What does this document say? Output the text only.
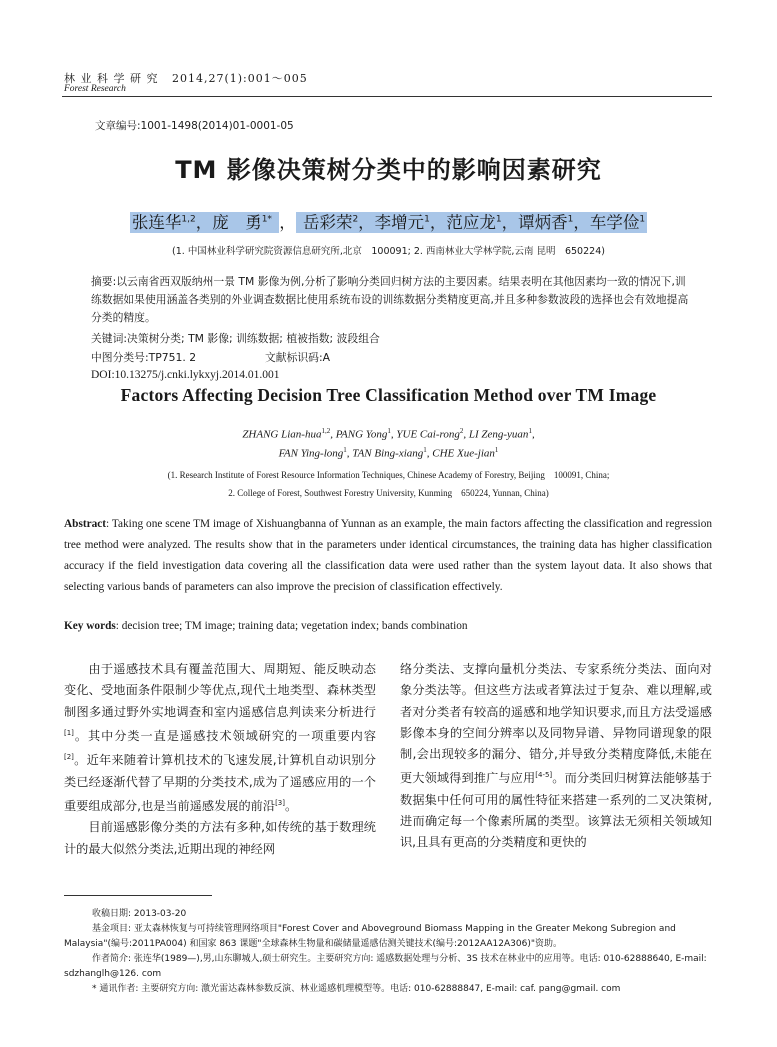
林 业 科 学 研 究 2014,27(1):001～005
Forest Research
文章编号:1001-1498(2014)01-0001-05
TM 影像决策树分类中的影响因素研究
张连华$^{1,2}$，庞　勇$^{1*}$ ， 岳彩荣$^2$，李增元$^1$，范应龙$^1$，谭炳香$^1$，车学俭$^1$
(1. 中国林业科学研究院资源信息研究所,北京　100091; 2. 西南林业大学林学院,云南 昆明　650224)
摘要:以云南省西双版纳州一景 TM 影像为例,分析了影响分类回归树方法的主要因素。结果表明在其他因素均一致的情况下,训练数据如果使用涵盖各类别的外业调查数据比使用系统布设的训练数据分类精度更高,并且多种参数波段的选择也会有效地提高分类的精度。
关键词:决策树分类; TM 影像; 训练数据; 植被指数; 波段组合
中图分类号:TP751. 2	文献标识码:A
DOI:10.13275/j.cnki.lykxyj.2014.01.001
Factors Affecting Decision Tree Classification Method over TM Image
ZHANG Lian-hua$^{1,2}$, PANG Yong$^1$, YUE Cai-rong$^2$, LI Zeng-yuan$^1$,
FAN Ying-long$^1$, TAN Bing-xiang$^1$, CHE Xue-jian$^1$
(1. Research Institute of Forest Resource Information Techniques, Chinese Academy of Forestry, Beijing　100091, China;
2. College of Forest, Southwest Forestry University, Kunming　650224, Yunnan, China)
Abstract: Taking one scene TM image of Xishuangbanna of Yunnan as an example, the main factors affecting the classification and regression tree method were analyzed. The results show that in the parameters under identical circumstances, the training data has higher classification accuracy if the field investigation data covering all the classification data were used rather than the system layout data. It also shows that selecting various bands of parameters can also improve the precision of classification effectively.
Key words: decision tree; TM image; training data; vegetation index; bands combination

由于遥感技术具有覆盖范围大、周期短、能反映动态变化、受地面条件限制少等优点,现代土地类型、森林类型制图多通过野外实地调查和室内遥感信息判读来分析进行[1]。其中分类一直是遥感技术领域研究的一项重要内容[2]。近年来随着计算机技术的飞速发展,计算机自动识别分类已经逐渐代替了早期的分类技术,成为了遥感应用的一个重要组成部分,也是当前遥感发展的前沿[3]。

目前遥感影像分类的方法有多种,如传统的基于数理统计的最大似然分类法,近期出现的神经网

络分类法、支撑向量机分类法、专家系统分类法、面向对象分类法等。但这些方法或者算法过于复杂、难以理解,或者对分类者有较高的遥感和地学知识要求,而且方法受遥感影像本身的空间分辨率以及同物异谱、异物同谱现象的限制,会出现较多的漏分、错分,并导致分类精度降低,未能在更大领域得到推广与应用[4-5]。而分类回归树算法能够基于数据集中任何可用的属性特征来搭建一系列的二叉决策树,进而确定每一个像素所属的类型。该算法无须相关领域知识,且具有更高的分类精度和更快的

收稿日期: 2013-03-20
基金项目: 亚太森林恢复与可持续管理网络项目"Forest Cover and Aboveground Biomass Mapping in the Greater Mekong Subregion and Malaysia"(编号:2011PA004) 和国家 863 课题"全球森林生物量和碳储量遥感估测关键技术(编号:2012AA12A306)"资助。
作者简介: 张连华(1989—),男,山东聊城人,硕士研究生。主要研究方向: 遥感数据处理与分析、3S 技术在林业中的应用等。电话: 010-62888640, E-mail: sdzhanglh@126. com
* 通讯作者: 主要研究方向: 激光雷达森林参数反演、林业遥感机理模型等。电话: 010-62888847, E-mail: caf. pang@gmail. com
